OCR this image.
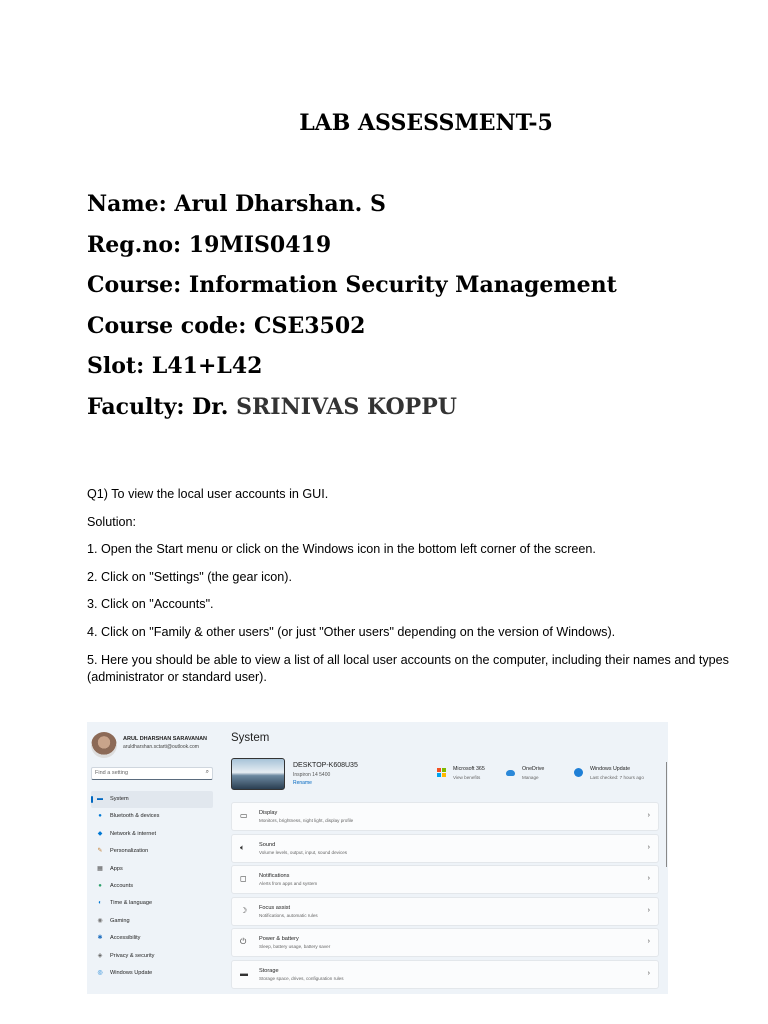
LAB ASSESSMENT-5
Name: Arul Dharshan. S
Reg.no: 19MIS0419
Course: Information Security Management
Course code: CSE3502
Slot: L41+L42
Faculty: Dr. SRINIVAS KOPPU

Q1) To view the local user accounts in GUI.

Solution:

1. Open the Start menu or click on the Windows icon in the bottom left corner of the screen.

2. Click on "Settings" (the gear icon).

3. Click on "Accounts".

4. Click on "Family & other users" (or just "Other users" depending on the version of Windows).

5. Here you should be able to view a list of all local user accounts on the computer, including their names and types (administrator or standard user).

ARUL DHARSHAN SARAVANAN
aruldharshan.sctarti@outlook.com
Find a setting	⌕
▬ System
●	Bluetooth & devices
◆	Network & internet
✎ Personalization
▦ Apps
●	Accounts
◐	Time & language
◉ Gaming
✱ Accessibility
◈	Privacy & security
◎ Windows Update
System
DESKTOP-K608U35
Inspiron 14 5400
Rename
Microsoft 365
View benefits
OneDrive
Manage
Windows Update
Last checked: 7 hours ago
▭ Display
Monitors, brightness, night light, display profile
›
🔈︎	Sound
Volume levels, output, input, sound devices
›
◻ Notifications
Alerts from apps and system
›
☽ Focus assist
Notifications, automatic rules
›
⏻ Power & battery
Sleep, battery usage, battery saver
›
▬ Storage
Storage space, drives, configuration rules
›
